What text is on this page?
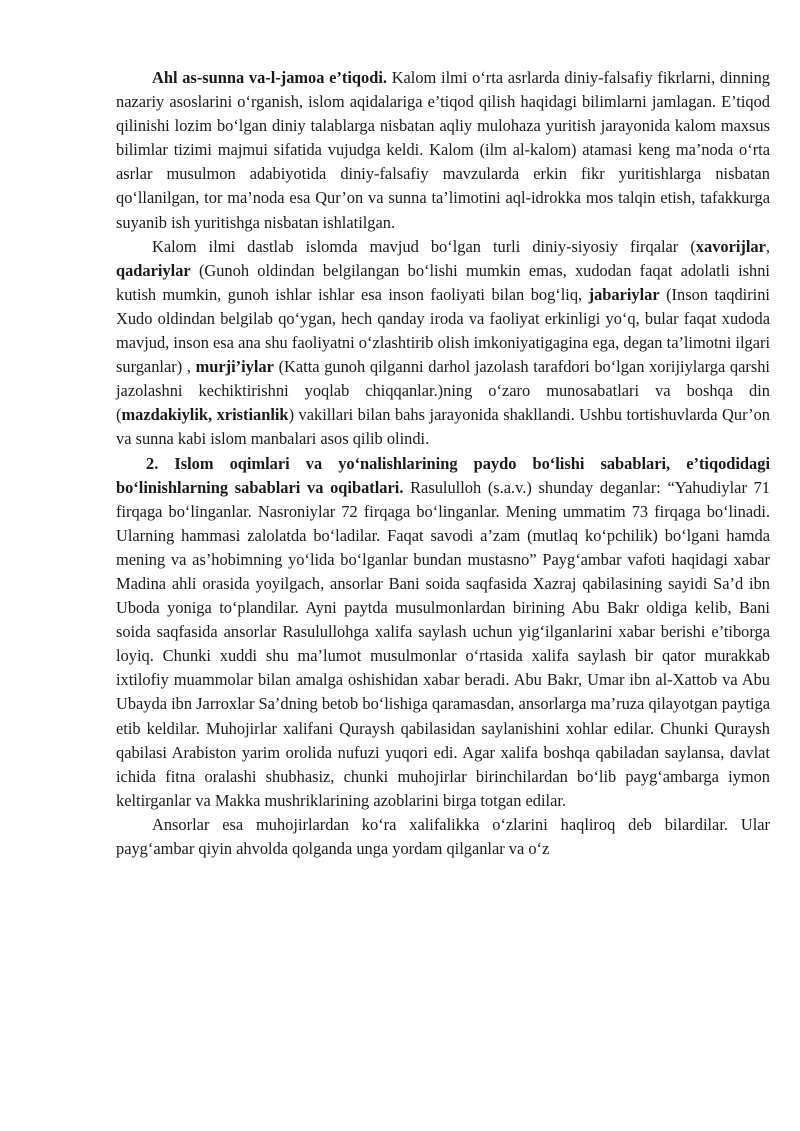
Ahl as-sunna va-l-jamoa e’tiqodi. Kalom ilmi o‘rta asrlarda diniy-falsafiy fikrlarni, dinning nazariy asoslarini o‘rganish, islom aqidalariga e’tiqod qilish haqidagi bilimlarni jamlagan. E’tiqod qilinishi lozim bo‘lgan diniy talablarga nisbatan aqliy mulohaza yuritish jarayonida kalom maxsus bilimlar tizimi majmui sifatida vujudga keldi. Kalom (ilm al-kalom) atamasi keng ma’noda o‘rta asrlar musulmon adabiyotida diniy-falsafiy mavzularda erkin fikr yuritishlarga nisbatan qo‘llanilgan, tor ma’noda esa Qur’on va sunna ta’limotini aql-idrokka mos talqin etish, tafakkurga suyanib ish yuritishga nisbatan ishlatilgan.

Kalom ilmi dastlab islomda mavjud bo‘lgan turli diniy-siyosiy firqalar (xavorijlar, qadariylar (Gunoh oldindan belgilangan bo‘lishi mumkin emas, xudodan faqat adolatli ishni kutish mumkin, gunoh ishlar ishlar esa inson faoliyati bilan bog‘liq, jabariylar (Inson taqdirini Xudo oldindan belgilab qo‘ygan, hech qanday iroda va faoliyat erkinligi yo‘q, bular faqat xudoda mavjud, inson esa ana shu faoliyatni o‘zlashtirib olish imkoniyatigagina ega, degan ta’limotni ilgari surganlar) , murji’iylar (Katta gunoh qilganni darhol jazolash tarafdori bo‘lgan xorijiylarga qarshi jazolashni kechiktirishni yoqlab chiqqanlar.)ning o‘zaro munosabatlari va boshqa din (mazdakiylik, xristianlik) vakillari bilan bahs jarayonida shakllandi. Ushbu tortishuvlarda Qur’on va sunna kabi islom manbalari asos qilib olindi.

2. Islom oqimlari va yo‘nalishlarining paydo bo‘lishi sabablari, e’tiqodidagi bo‘linishlarning sabablari va oqibatlari. Rasululloh (s.a.v.) shunday deganlar: “Yahudiylar 71 firqaga bo‘linganlar. Nasroniylar 72 firqaga bo‘linganlar. Mening ummatim 73 firqaga bo‘linadi. Ularning hammasi zalolatda bo‘ladilar. Faqat savodi a’zam (mutlaq ko‘pchilik) bo‘lgani hamda mening va as’hobimning yo‘lida bo‘lganlar bundan mustasno” Payg‘ambar vafoti haqidagi xabar Madina ahli orasida yoyilgach, ansorlar Bani soida saqfasida Xazraj qabilasining sayidi Sa’d ibn Uboda yoniga to‘plandilar. Ayni paytda musulmonlardan birining Abu Bakr oldiga kelib, Bani soida saqfasida ansorlar Rasulullohga xalifa saylash uchun yig‘ilganlarini xabar berishi e’tiborga loyiq. Chunki xuddi shu ma’lumot musulmonlar o‘rtasida xalifa saylash bir qator murakkab ixtilofiy muammolar bilan amalga oshishidan xabar beradi. Abu Bakr, Umar ibn al-Xattob va Abu Ubayda ibn Jarroxlar Sa’dning betob bo‘lishiga qaramasdan, ansorlarga ma’ruza qilayotgan paytiga etib keldilar. Muhojirlar xalifani Quraysh qabilasidan saylanishini xohlar edilar. Chunki Quraysh qabilasi Arabiston yarim orolida nufuzi yuqori edi. Agar xalifa boshqa qabiladan saylansa, davlat ichida fitna oralashi shubhasiz, chunki muhojirlar birinchilardan bo‘lib payg‘ambarga iymon keltirganlar va Makka mushriklarining azoblarini birga totgan edilar.

Ansorlar esa muhojirlardan ko‘ra xalifalikka o‘zlarini haqliroq deb bilardilar. Ular payg‘ambar qiyin ahvolda qolganda unga yordam qilganlar va o‘z
